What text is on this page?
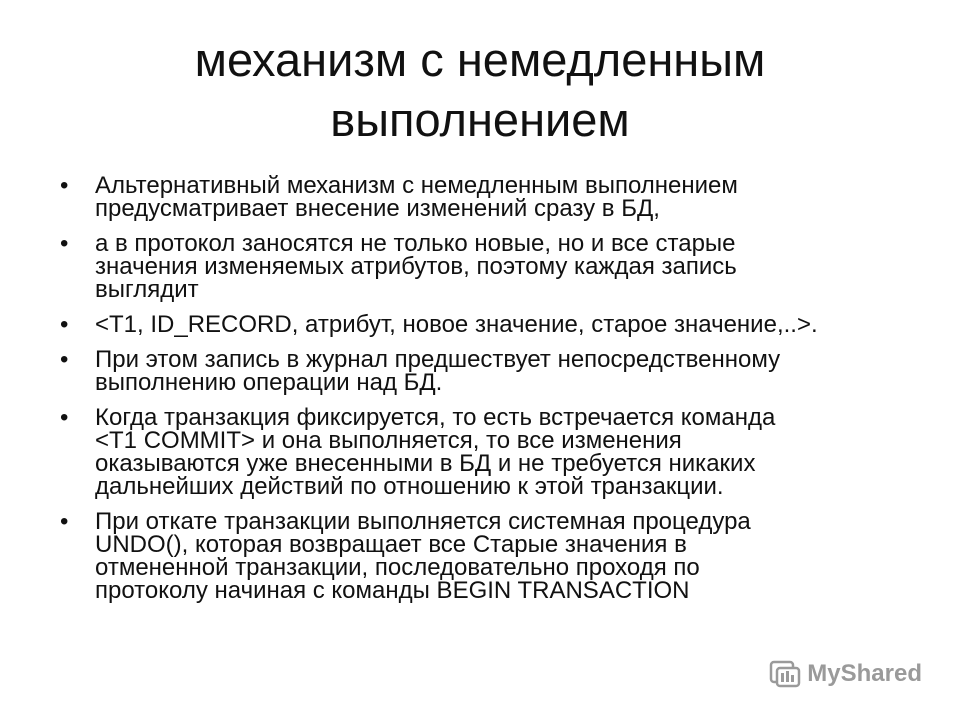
механизм с немедленным
выполнением
• Альтернативный механизм с немедленным выполнением
предусматривает внесение изменений сразу в БД,
• а в протокол заносятся не только новые, но и все старые
значения изменяемых атрибутов, поэтому каждая запись
выглядит
• <T1, ID_RECORD, атрибут, новое значение, старое значение,..>.
• При этом запись в журнал предшествует непосредственному
выполнению операции над БД.
• Когда транзакция фиксируется, то есть встречается команда
<T1 COMMIT> и она выполняется, то все изменения
оказываются уже внесенными в БД и не требуется никаких
дальнейших действий по отношению к этой транзакции.
• При откате транзакции выполняется системная процедура
UNDO(), которая возвращает все Старые значения в
отмененной транзакции, последовательно проходя по
протоколу начиная с команды BEGIN TRANSACTION
MyShared
